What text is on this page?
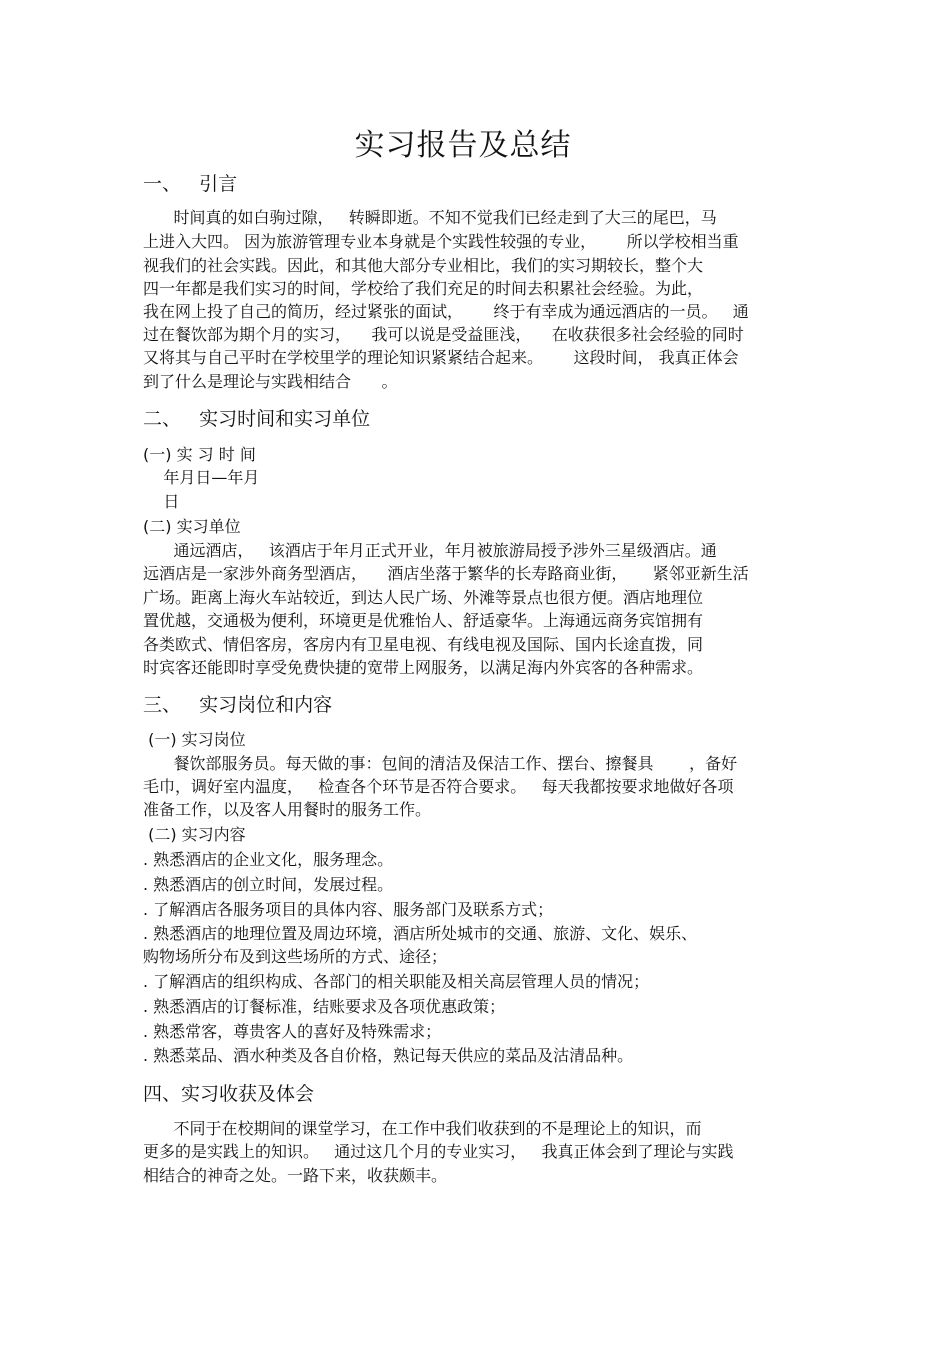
实习报告及总结
一、   引言
时间真的如白驹过隙，   转瞬即逝。不知不觉我们已经走到了大三的尾巴，马
上进入大四。 因为旅游管理专业本身就是个实践性较强的专业，      所以学校相当重
视我们的社会实践。因此，和其他大部分专业相比，我们的实习期较长，整个大
四一年都是我们实习的时间，学校给了我们充足的时间去积累社会经验。为此，
我在网上投了自己的简历，经过紧张的面试，      终于有幸成为通远酒店的一员。   通
过在餐饮部为期个月的实习，    我可以说是受益匪浅，    在收获很多社会经验的同时
又将其与自己平时在学校里学的理论知识紧紧结合起来。      这段时间， 我真正体会
到了什么是理论与实践相结合      。
二、   实习时间和实习单位
(一) 实 习 时 间
年月日—年月
日
(二) 实习单位
通远酒店，   该酒店于年月正式开业，年月被旅游局授予涉外三星级酒店。通
远酒店是一家涉外商务型酒店，    酒店坐落于繁华的长寿路商业街，     紧邻亚新生活
广场。距离上海火车站较近，到达人民广场、外滩等景点也很方便。酒店地理位
置优越，交通极为便利，环境更是优雅怡人、舒适豪华。上海通远商务宾馆拥有
各类欧式、情侣客房，客房内有卫星电视、有线电视及国际、国内长途直拨，同
时宾客还能即时享受免费快捷的宽带上网服务，以满足海内外宾客的各种需求。
三、   实习岗位和内容
(一) 实习岗位
餐饮部服务员。每天做的事：包间的清洁及保洁工作、摆台、擦餐具       ，备好
毛巾，调好室内温度，   检查各个环节是否符合要求。   每天我都按要求地做好各项
准备工作，以及客人用餐时的服务工作。
(二) 实习内容
. 熟悉酒店的企业文化，服务理念。
. 熟悉酒店的创立时间，发展过程。
. 了解酒店各服务项目的具体内容、服务部门及联系方式；
. 熟悉酒店的地理位置及周边环境，酒店所处城市的交通、旅游、文化、娱乐、
购物场所分布及到这些场所的方式、途径；
. 了解酒店的组织构成、各部门的相关职能及相关高层管理人员的情况；
. 熟悉酒店的订餐标准，结账要求及各项优惠政策；
. 熟悉常客，尊贵客人的喜好及特殊需求；
. 熟悉菜品、酒水种类及各自价格，熟记每天供应的菜品及沽清品种。
四、实习收获及体会
不同于在校期间的课堂学习，在工作中我们收获到的不是理论上的知识，而
更多的是实践上的知识。   通过这几个月的专业实习，   我真正体会到了理论与实践
相结合的神奇之处。一路下来，收获颇丰。
